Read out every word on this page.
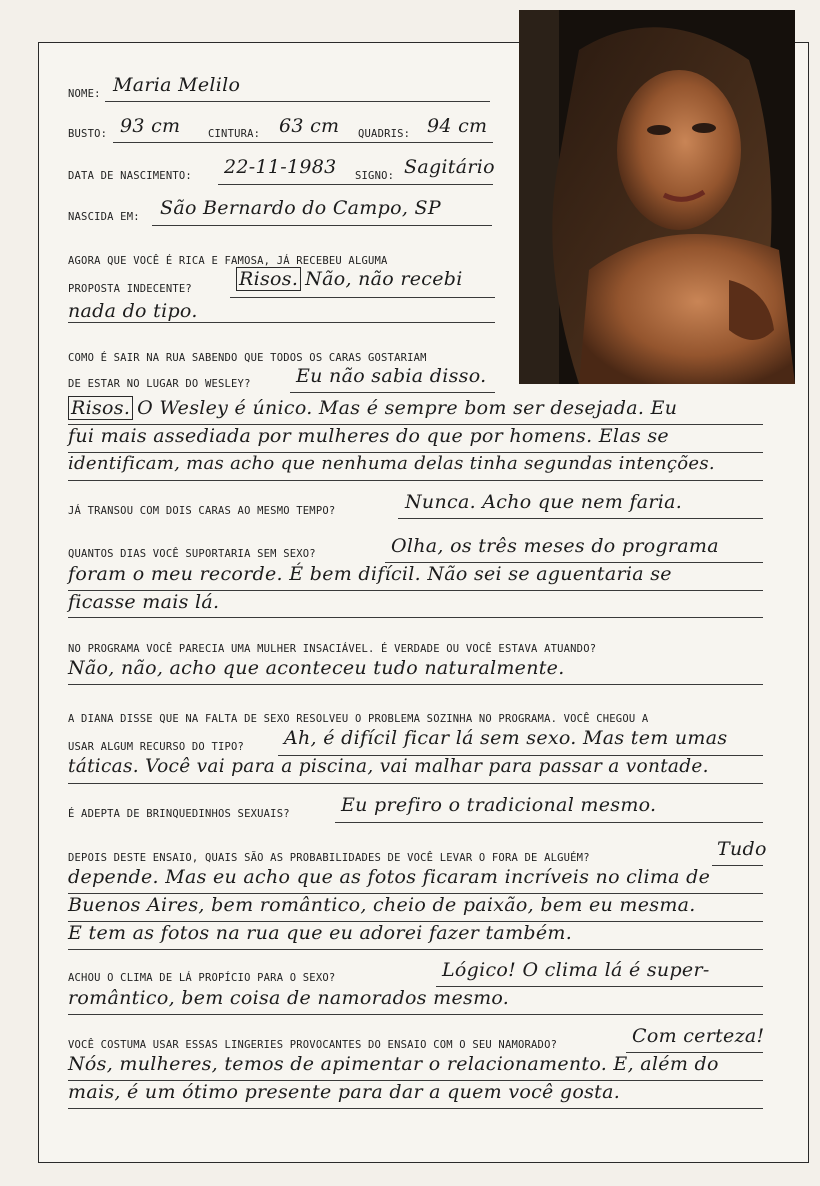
NOME: Maria Melilo
BUSTO: 93 cm	CINTURA: 63 cm QUADRIS: 94 cm
DATA DE NASCIMENTO: 22-11-1983 SIGNO: Sagitário
NASCIDA EM: São Bernardo do Campo, SP
AGORA QUE VOCÊ É RICA E FAMOSA, JÁ RECEBEU ALGUMA
PROPOSTA INDECENTE? Risos. Não, não recebi
nada do tipo.
COMO É SAIR NA RUA SABENDO QUE TODOS OS CARAS GOSTARIAM
DE ESTAR NO LUGAR DO WESLEY? Eu não sabia disso.
Risos. O Wesley é único. Mas é sempre bom ser desejada. Eu
fui mais assediada por mulheres do que por homens. Elas se
identificam, mas acho que nenhuma delas tinha segundas intenções.
JÁ TRANSOU COM DOIS CARAS AO MESMO TEMPO?	Nunca. Acho que nem faria.
QUANTOS DIAS VOCÊ SUPORTARIA SEM SEXO?	Olha, os três meses do programa
foram o meu recorde. É bem difícil. Não sei se aguentaria se
ficasse mais lá.
NO PROGRAMA VOCÊ PARECIA UMA MULHER INSACIÁVEL. É VERDADE OU VOCÊ ESTAVA ATUANDO?
Não, não, acho que aconteceu tudo naturalmente.
A DIANA DISSE QUE NA FALTA DE SEXO RESOLVEU O PROBLEMA SOZINHA NO PROGRAMA. VOCÊ CHEGOU A
USAR ALGUM RECURSO DO TIPO? Ah, é difícil ficar lá sem sexo. Mas tem umas
táticas. Você vai para a piscina, vai malhar para passar a vontade.
É ADEPTA DE BRINQUEDINHOS SEXUAIS?	Eu prefiro o tradicional mesmo.
DEPOIS DESTE ENSAIO, QUAIS SÃO AS PROBABILIDADES DE VOCÊ LEVAR O FORA DE ALGUÉM?	Tudo
depende. Mas eu acho que as fotos ficaram incríveis no clima de
Buenos Aires, bem romântico, cheio de paixão, bem eu mesma.
E tem as fotos na rua que eu adorei fazer também.
ACHOU O CLIMA DE LÁ PROPÍCIO PARA O SEXO?	Lógico! O clima lá é super-
romântico, bem coisa de namorados mesmo.
VOCÊ COSTUMA USAR ESSAS LINGERIES PROVOCANTES DO ENSAIO COM O SEU NAMORADO?	Com certeza!
Nós, mulheres, temos de apimentar o relacionamento. E, além do
mais, é um ótimo presente para dar a quem você gosta.
